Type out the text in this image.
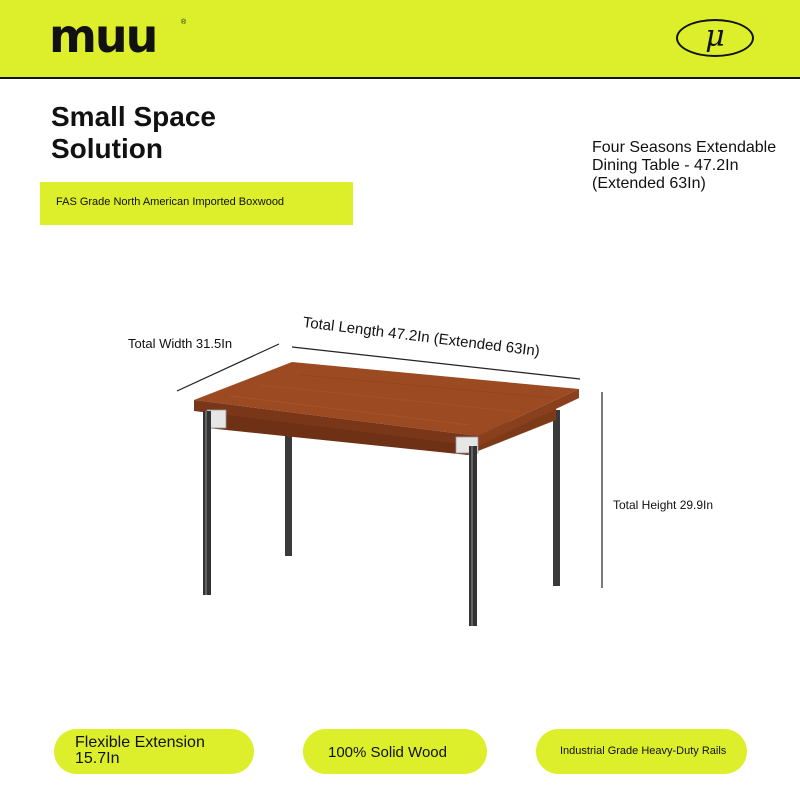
muu	®	μ
Small Space
Solution
FAS Grade North American Imported Boxwood
Four Seasons Extendable
Dining Table - 47.2In
(Extended 63In)
Total Width 31.5In	Total Length 47.2In (Extended 63In)
Total Height 29.9In
Flexible Extension
15.7In	100% Solid Wood	Industrial Grade Heavy-Duty Rails
